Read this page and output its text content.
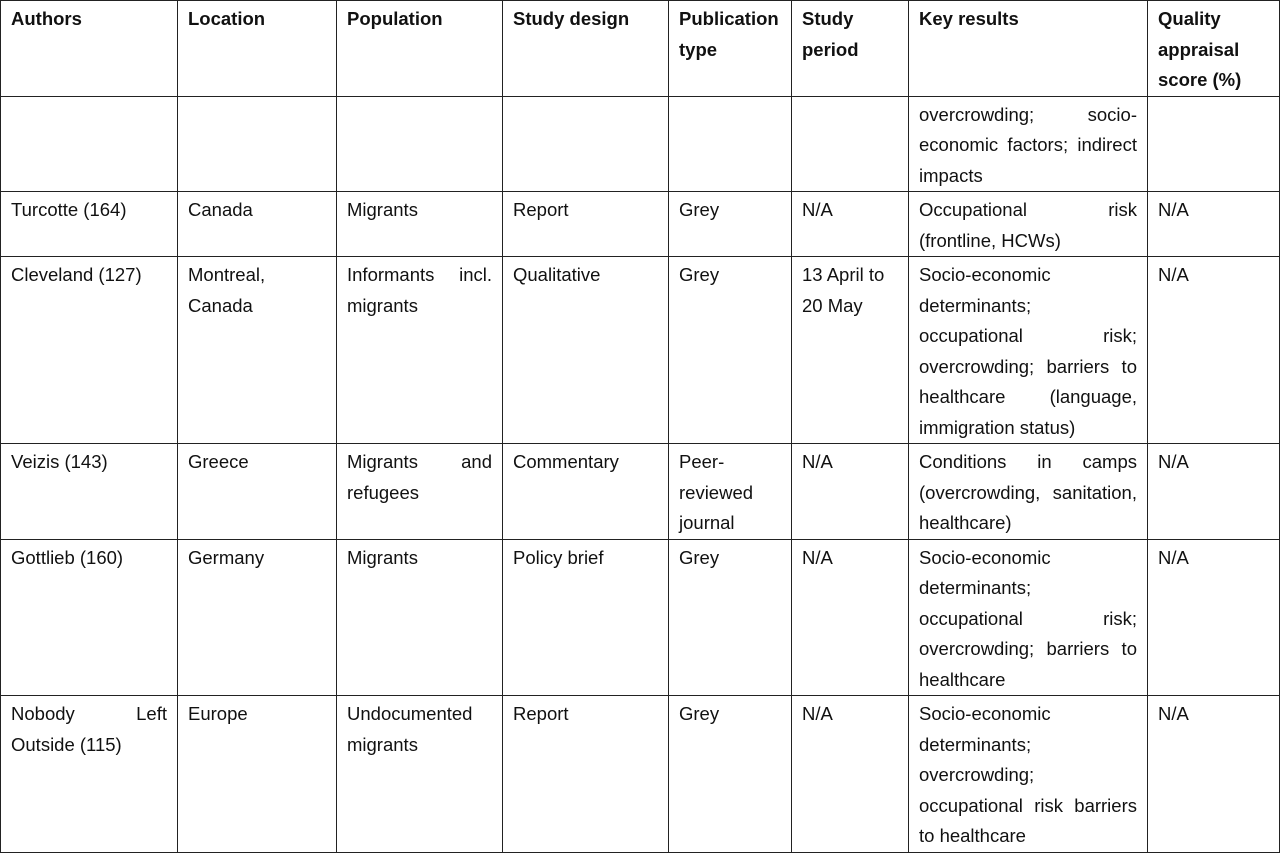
Authors	Location	Population	Study design	Publication type	Study period	Key results	Quality appraisal score (%)
						overcrowding; socio-economic factors; indirect impacts	
Turcotte (164)	Canada	Migrants	Report	Grey	N/A	Occupational risk (frontline, HCWs)	N/A
Cleveland (127)	Montreal, Canada	Informants incl. migrants	Qualitative	Grey	13 April to 20 May	Socio-economic determinants; occupational risk; overcrowding; barriers to healthcare (language, immigration status)	N/A
Veizis (143)	Greece	Migrants and refugees	Commentary	Peer-reviewed journal	N/A	Conditions in camps (overcrowding, sanitation, healthcare)	N/A
Gottlieb (160)	Germany	Migrants	Policy brief	Grey	N/A	Socio-economic determinants; occupational risk; overcrowding; barriers to healthcare	N/A
Nobody Left Outside (115)	Europe	Undocumented migrants	Report	Grey	N/A	Socio-economic determinants; overcrowding; occupational risk barriers to healthcare	N/A
